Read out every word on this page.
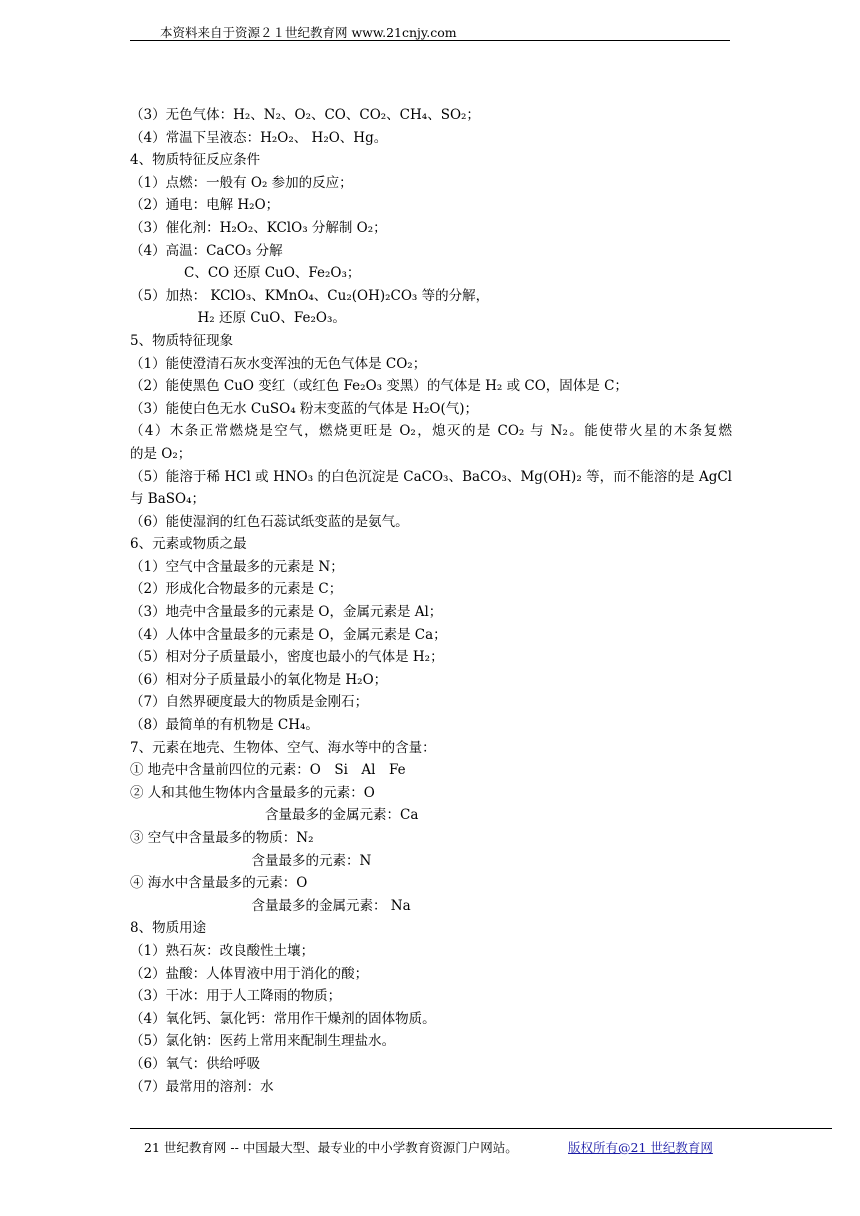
本资料来自于资源２１世纪教育网 www.21cnjy.com
（3）无色气体：H₂、N₂、O₂、CO、CO₂、CH₄、SO₂；
（4）常温下呈液态：H₂O₂、 H₂O、Hg。
4、物质特征反应条件
（1）点燃：一般有 O₂ 参加的反应；
（2）通电：电解 H₂O；
（3）催化剂：H₂O₂、KClO₃ 分解制 O₂；
（4）高温：CaCO₃ 分解
　　　　C、CO 还原 CuO、Fe₂O₃；
（5）加热： KClO₃、KMnO₄、Cu₂(OH)₂CO₃ 等的分解，
　　　　　H₂ 还原 CuO、Fe₂O₃。
5、物质特征现象
（1）能使澄清石灰水变浑浊的无色气体是 CO₂；
（2）能使黑色 CuO 变红（或红色 Fe₂O₃ 变黑）的气体是 H₂ 或 CO，固体是 C；
（3）能使白色无水 CuSO₄ 粉末变蓝的气体是 H₂O(气)；
（4）木条正常燃烧是空气，燃烧更旺是 O₂，熄灭的是 CO₂ 与 N₂。能使带火星的木条复燃
的是 O₂；
（5）能溶于稀 HCl 或 HNO₃ 的白色沉淀是 CaCO₃、BaCO₃、Mg(OH)₂ 等，而不能溶的是 AgCl
与 BaSO₄；
（6）能使湿润的红色石蕊试纸变蓝的是氨气。
6、元素或物质之最
（1）空气中含量最多的元素是 N；
（2）形成化合物最多的元素是 C；
（3）地壳中含量最多的元素是 O，金属元素是 Al；
（4）人体中含量最多的元素是 O，金属元素是 Ca；
（5）相对分子质量最小，密度也最小的气体是 H₂；
（6）相对分子质量最小的氧化物是 H₂O；
（7）自然界硬度最大的物质是金刚石；
（8）最简单的有机物是 CH₄。
7、元素在地壳、生物体、空气、海水等中的含量：
① 地壳中含量前四位的元素：O　Si　Al　Fe
② 人和其他生物体内含量最多的元素：O
　　　　　　　　　　含量最多的金属元素：Ca
③ 空气中含量最多的物质：N₂
　　　　　　　　　含量最多的元素：N
④ 海水中含量最多的元素：O
　　　　　　　　　含量最多的金属元素： Na
8、物质用途
（1）熟石灰：改良酸性土壤；
（2）盐酸：人体胃液中用于消化的酸；
（3）干冰：用于人工降雨的物质；
（4）氧化钙、氯化钙：常用作干燥剂的固体物质。
（5）氯化钠：医药上常用来配制生理盐水。
（6）氧气：供给呼吸
（7）最常用的溶剂：水
21 世纪教育网 -- 中国最大型、最专业的中小学教育资源门户网站。	版权所有@21 世纪教育网
